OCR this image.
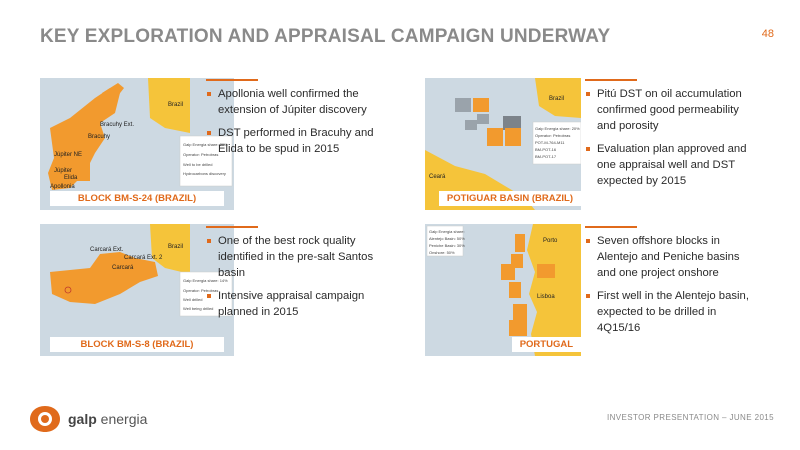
KEY EXPLORATION AND APPRAISAL CAMPAIGN UNDERWAY	48
Bracuhy Ext.
Bracuhy
Júpiter NE
Júpiter
Elida
Apollonia
Brazil
Galp Energia share: 20%
Operator: Petrobras
Well to be drilled
Hydrocarbons discovery
BLOCK BM-S-24 (BRAZIL)
Apollonia well confirmed the extension of Júpiter discovery
DST performed in Bracuhy and Elida to be spud in 2015
Ceará
Brazil
Galp Energia share: 20%
Operator: Petrobras
POT-M-764-M11
BM-POT-16
BM-POT-17
POTIGUAR BASIN (BRAZIL)
Pitú DST on oil accumulation confirmed good permeability and porosity
Evaluation plan approved and one appraisal well and DST expected by 2015
Carcará Ext.
Carcará Ext. 2
Carcará
Brazil
Galp Energia share: 14%
Operator: Petrobras
Well drilled
Well being drilled
BLOCK BM-S-8 (BRAZIL)
One of the best rock quality identified in the pre-salt Santos basin
Intensive appraisal campaign planned in 2015
Porto
Lisboa
Galp Energia share:
Alentejo Basin: 50%
Peniche Basin: 30%
Onshore: 50%
PORTUGAL
Seven offshore blocks in Alentejo and Peniche basins and one project onshore
First well in the Alentejo basin, expected to be drilled in 4Q15/16
galp energia	INVESTOR PRESENTATION – JUNE 2015
